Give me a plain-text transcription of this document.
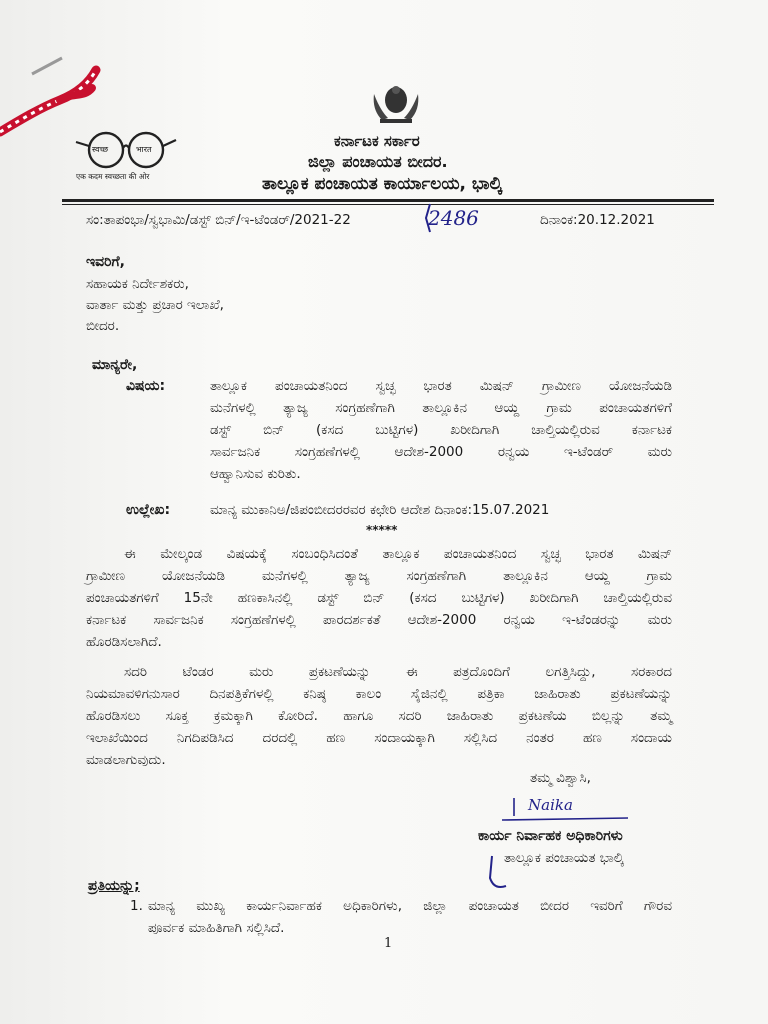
स्वच्छ	भारत
एक कदम स्वच्छता की ओर
ಕರ್ನಾಟಕ ಸರ್ಕಾರ
ಜಿಲ್ಲಾ ಪಂಚಾಯತ ಬೀದರ.
ತಾಲ್ಲೂಕ ಪಂಚಾಯತ ಕಾರ್ಯಾಲಯ, ಭಾಲ್ಕಿ
ಸಂ:ತಾಪಂಭಾ/ಸ್ವಭಾಮಿ/ಡಸ್ಟ್ ಬಿನ್/ಇ-ಟೆಂಡರ್/2021-22	2486	ದಿನಾಂಕ:20.12.2021
ಇವರಿಗೆ,
ಸಹಾಯಕ ನಿರ್ದೇಶಕರು,
ವಾರ್ತಾ ಮತ್ತು ಪ್ರಚಾರ ಇಲಾಖೆ,
ಬೀದರ.
ಮಾನ್ಯರೇ,
ವಿಷಯ:	ತಾಲ್ಲೂಕ ಪಂಚಾಯತನಿಂದ ಸ್ವಚ್ಛ ಭಾರತ ಮಿಷನ್ ಗ್ರಾಮೀಣ ಯೋಜನೆಯಡಿ
ಮನೆಗಳಲ್ಲಿ ತ್ಯಾಜ್ಯ ಸಂಗ್ರಹಣೆಗಾಗಿ ತಾಲ್ಲೂಕಿನ ಆಯ್ದ ಗ್ರಾಮ ಪಂಚಾಯತಗಳಿಗೆ
ಡಸ್ಟ್ ಬಿನ್ (ಕಸದ ಬುಟ್ಟಿಗಳ) ಖರೀದಿಗಾಗಿ ಚಾಲ್ತಿಯಲ್ಲಿರುವ ಕರ್ನಾಟಕ
ಸಾರ್ವಜನಿಕ ಸಂಗ್ರಹಣೆಗಳಲ್ಲಿ ಆದೇಶ-2000 ರನ್ವಯ ಇ-ಟೆಂಡರ್ ಮರು
ಆಹ್ವಾನಿಸುವ ಕುರಿತು.
ಉಲ್ಲೇಖ:	ಮಾನ್ಯ ಮುಕಾನಿಅ/ಜಿಪಂಬೀದರರವರ ಕಛೇರಿ ಆದೇಶ ದಿನಾಂಕ:15.07.2021
*****
ಈ ಮೇಲ್ಕಂಡ ವಿಷಯಕ್ಕೆ ಸಂಬಂಧಿಸಿದಂತೆ ತಾಲ್ಲೂಕ ಪಂಚಾಯತನಿಂದ ಸ್ವಚ್ಛ ಭಾರತ ಮಿಷನ್
ಗ್ರಾಮೀಣ ಯೋಜನೆಯಡಿ ಮನೆಗಳಲ್ಲಿ ತ್ಯಾಜ್ಯ ಸಂಗ್ರಹಣೆಗಾಗಿ ತಾಲ್ಲೂಕಿನ ಆಯ್ದ ಗ್ರಾಮ
ಪಂಚಾಯತಗಳಿಗೆ 15ನೇ ಹಣಕಾಸಿನಲ್ಲಿ ಡಸ್ಟ್ ಬಿನ್ (ಕಸದ ಬುಟ್ಟಿಗಳ) ಖರೀದಿಗಾಗಿ ಚಾಲ್ತಿಯಲ್ಲಿರುವ
ಕರ್ನಾಟಕ ಸಾರ್ವಜನಿಕ ಸಂಗ್ರಹಣೆಗಳಲ್ಲಿ ಪಾರದರ್ಶಕತೆ ಆದೇಶ-2000 ರನ್ವಯ ಇ-ಟೆಂಡರನ್ನು ಮರು
ಹೊರಡಿಸಲಾಗಿದೆ.
ಸದರಿ ಟೆಂಡರ ಮರು ಪ್ರಕಟಣೆಯನ್ನು ಈ ಪತ್ರದೊಂದಿಗೆ ಲಗತ್ತಿಸಿದ್ದು, ಸರಕಾರದ
ನಿಯಮಾವಳಿಗನುಸಾರ ದಿನಪತ್ರಿಕೆಗಳಲ್ಲಿ ಕನಿಷ್ಠ ಕಾಲಂ ಸೈಜಿನಲ್ಲಿ ಪತ್ರಿಕಾ ಜಾಹಿರಾತು ಪ್ರಕಟಣೆಯನ್ನು
ಹೊರಡಿಸಲು ಸೂಕ್ತ ಕ್ರಮಕ್ಕಾಗಿ ಕೋರಿದೆ. ಹಾಗೂ ಸದರಿ ಜಾಹಿರಾತು ಪ್ರಕಟಣೆಯ ಬಿಲ್ಲನ್ನು ತಮ್ಮ
ಇಲಾಖೆಯಿಂದ ನಿಗದಿಪಡಿಸಿದ ದರದಲ್ಲಿ ಹಣ ಸಂದಾಯಕ್ಕಾಗಿ ಸಲ್ಲಿಸಿದ ನಂತರ ಹಣ ಸಂದಾಯ
ಮಾಡಲಾಗುವುದು.
ತಮ್ಮ ವಿಶ್ವಾಸಿ,
Naika
ಕಾರ್ಯ ನಿರ್ವಾಹಕ ಅಧಿಕಾರಿಗಳು
ತಾಲ್ಲೂಕ ಪಂಚಾಯತ ಭಾಲ್ಕಿ
ಪ್ರತಿಯನ್ನು;
1. ಮಾನ್ಯ ಮುಖ್ಯ ಕಾರ್ಯನಿರ್ವಾಹಕ ಅಧಿಕಾರಿಗಳು, ಜಿಲ್ಲಾ ಪಂಚಾಯತ ಬೀದರ ಇವರಿಗೆ ಗೌರವ
ಪೂರ್ವಕ ಮಾಹಿತಿಗಾಗಿ ಸಲ್ಲಿಸಿದೆ.
1
